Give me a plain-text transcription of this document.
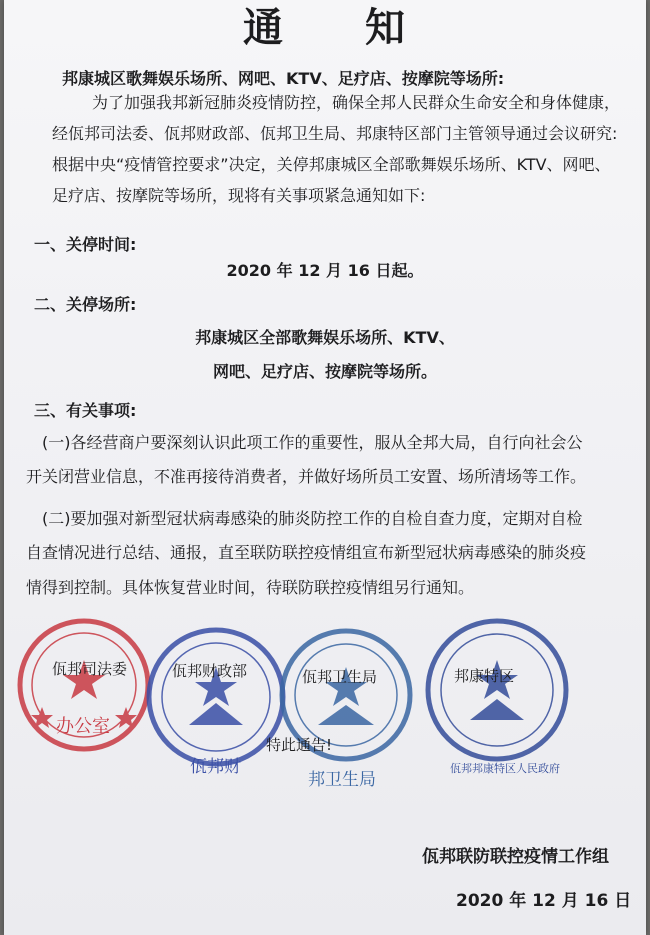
通 知
邦康城区歌舞娱乐场所、网吧、KTV、足疗店、按摩院等场所:
为了加强我邦新冠肺炎疫情防控，确保全邦人民群众生命安全和身体健康，
经佤邦司法委、佤邦财政部、佤邦卫生局、邦康特区部门主管领导通过会议研究:
根据中央“疫情管控要求”决定，关停邦康城区全部歌舞娱乐场所、KTV、网吧、
足疗店、按摩院等场所，现将有关事项紧急通知如下:
一、关停时间:
2020 年 12 月 16 日起。
二、关停场所:
邦康城区全部歌舞娱乐场所、KTV、
网吧、足疗店、按摩院等场所。
三、有关事项:
(一)各经营商户要深刻认识此项工作的重要性，服从全邦大局，自行向社会公
开关闭营业信息，不准再接待消费者，并做好场所员工安置、场所清场等工作。
(二)要加强对新型冠状病毒感染的肺炎防控工作的自检自查力度，定期对自检
自查情况进行总结、通报，直至联防联控疫情组宣布新型冠状病毒感染的肺炎疫
情得到控制。具体恢复营业时间，待联防联控疫情组另行通知。
佤邦司法委
办公室
佤邦财政部
佤邦财
佤邦卫生局
邦卫生局
邦康特区
佤邦邦康特区人民政府
特此通告!
佤邦联防联控疫情工作组
2020 年 12 月 16 日
